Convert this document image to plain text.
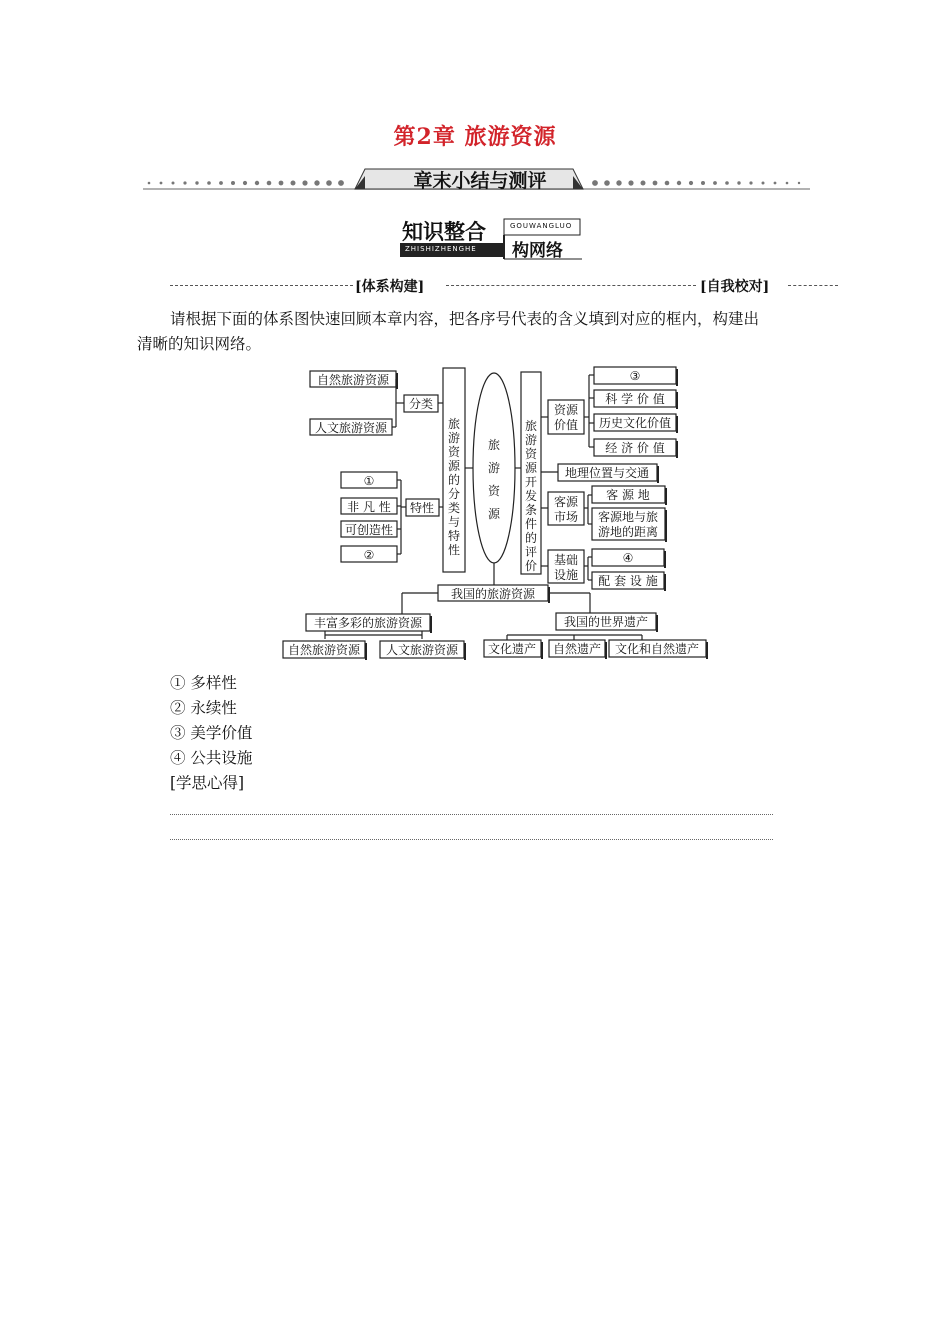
第2章 旅游资源
章末小结与测评
知识整合	GOUWANGLUO
ZHISHIZHENGHE 构网络
[体系构建]	[自我校对]
请根据下面的体系图快速回顾本章内容，把各序号代表的含义填到对应的框内，构建出
清晰的知识网络。
旅
游
资
源
的
分
类
与
特
性
旅
游
资
源
旅
游
资
源
开
发
条
件
的
评
价
自然旅游资源
人文旅游资源
分类
①
非 凡 性
可创造性
②
特性
资源
价值
③
科 学 价 值
历史文化价值
经 济 价 值
地理位置与交通
客源
市场
客 源 地
客源地与旅
游地的距离
基础
设施
④
配 套 设 施
我国的旅游资源
丰富多彩的旅游资源
自然旅游资源 人文旅游资源
我国的世界遗产
文化遗产 自然遗产 文化和自然遗产
① 多样性
② 永续性
③ 美学价值
④ 公共设施
[学思心得]
